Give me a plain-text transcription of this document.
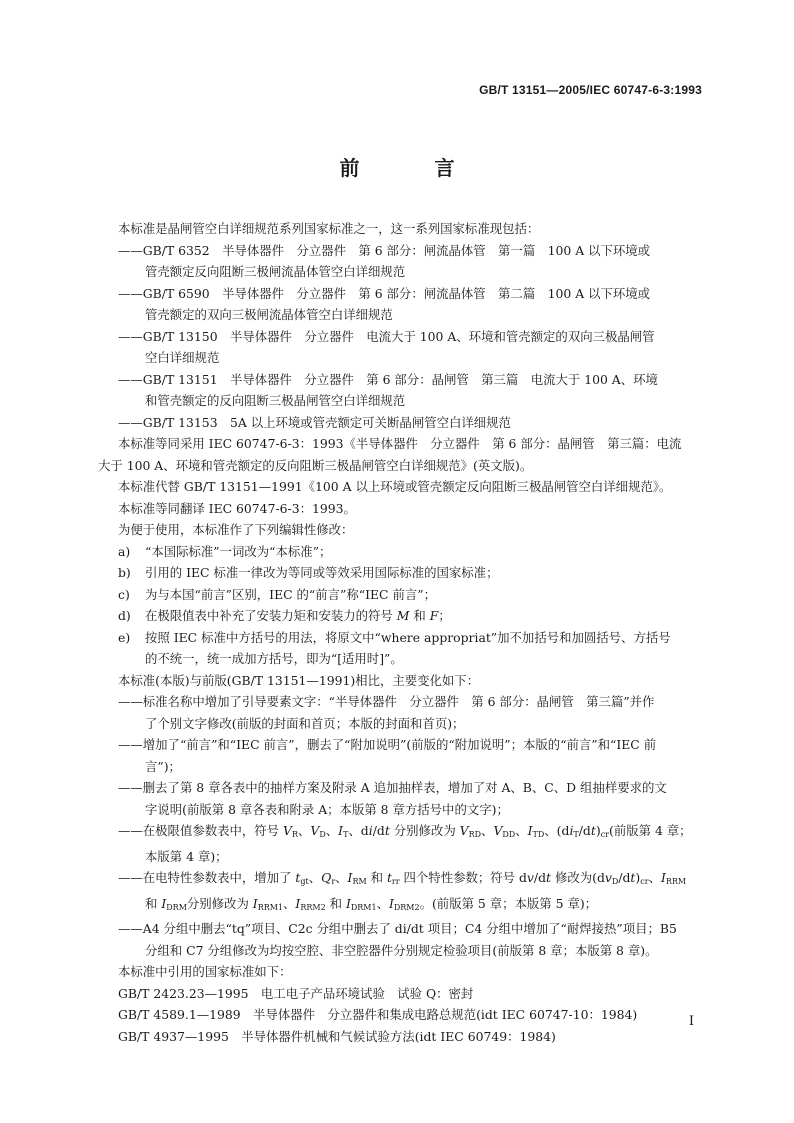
GB/T 13151—2005/IEC 60747-6-3:1993
前 言

本标准是晶闸管空白详细规范系列国家标准之一，这一系列国家标准现包括：

——GB/T 6352　半导体器件　分立器件　第 6 部分：闸流晶体管　第一篇　100 A 以下环境或

管壳额定反向阻断三极闸流晶体管空白详细规范

——GB/T 6590　半导体器件　分立器件　第 6 部分：闸流晶体管　第二篇　100 A 以下环境或

管壳额定的双向三极闸流晶体管空白详细规范

——GB/T 13150　半导体器件　分立器件　电流大于 100 A、环境和管壳额定的双向三极晶闸管

空白详细规范

——GB/T 13151　半导体器件　分立器件　第 6 部分：晶闸管　第三篇　电流大于 100 A、环境

和管壳额定的反向阻断三极晶闸管空白详细规范

——GB/T 13153　5A 以上环境或管壳额定可关断晶闸管空白详细规范

本标准等同采用 IEC 60747-6-3：1993《半导体器件　分立器件　第 6 部分：晶闸管　第三篇：电流

大于 100 A、环境和管壳额定的反向阻断三极晶闸管空白详细规范》(英文版)。

本标准代替 GB/T 13151—1991《100 A 以上环境或管壳额定反向阻断三极晶闸管空白详细规范》。

本标准等同翻译 IEC 60747-6-3：1993。

为便于使用，本标准作了下列编辑性修改：

a) “本国际标准”一词改为“本标准”；

b) 引用的 IEC 标准一律改为等同或等效采用国际标准的国家标准；

c) 为与本国“前言”区别，IEC 的“前言”称“IEC 前言”；

d) 在极限值表中补充了安装力矩和安装力的符号 M 和 F；

e) 按照 IEC 标准中方括号的用法，将原文中“where appropriat”加不加括号和加圆括号、方括号

的不统一，统一成加方括号，即为“[适用时]”。

本标准(本版)与前版(GB/T 13151—1991)相比，主要变化如下：

——标准名称中增加了引导要素文字：“半导体器件　分立器件　第 6 部分：晶闸管　第三篇”并作

了个别文字修改(前版的封面和首页；本版的封面和首页)；

——增加了“前言”和“IEC 前言”，删去了“附加说明”(前版的“附加说明”；本版的“前言”和“IEC 前

言”)；

——删去了第 8 章各表中的抽样方案及附录 A 追加抽样表，增加了对 A、B、C、D 组抽样要求的文

字说明(前版第 8 章各表和附录 A；本版第 8 章方括号中的文字)；

——在极限值参数表中，符号 $V_R$、$V_D$、$I_T$、di/dt 分别修改为 $V_{RD}$、$V_{DD}$、$I_{TD}$、$(di_T/dt)_{cr}$(前版第 4 章；

本版第 4 章)；

——在电特性参数表中，增加了 $t_{gt}$、$Q_r$、$I_{RM}$ 和 $t_{rr}$ 四个特性参数；符号 dv/dt 修改为$(dv_D/dt)_{cr}$、$I_{RRM}$

和 $I_{DRM}$分别修改为 $I_{RRM1}$、$I_{RRM2}$ 和 $I_{DRM1}$、$I_{DRM2}$。(前版第 5 章；本版第 5 章)；

——A4 分组中删去“tq”项目、C2c 分组中删去了 di/dt 项目；C4 分组中增加了“耐焊接热”项目；B5

分组和 C7 分组修改为均按空腔、非空腔器件分别规定检验项目(前版第 8 章；本版第 8 章)。

本标准中引用的国家标准如下：

GB/T 2423.23—1995　电工电子产品环境试验　试验 Q：密封

GB/T 4589.1—1989　半导体器件　分立器件和集成电路总规范(idt IEC 60747-10：1984)

GB/T 4937—1995　半导体器件机械和气候试验方法(idt IEC 60749：1984)

I
